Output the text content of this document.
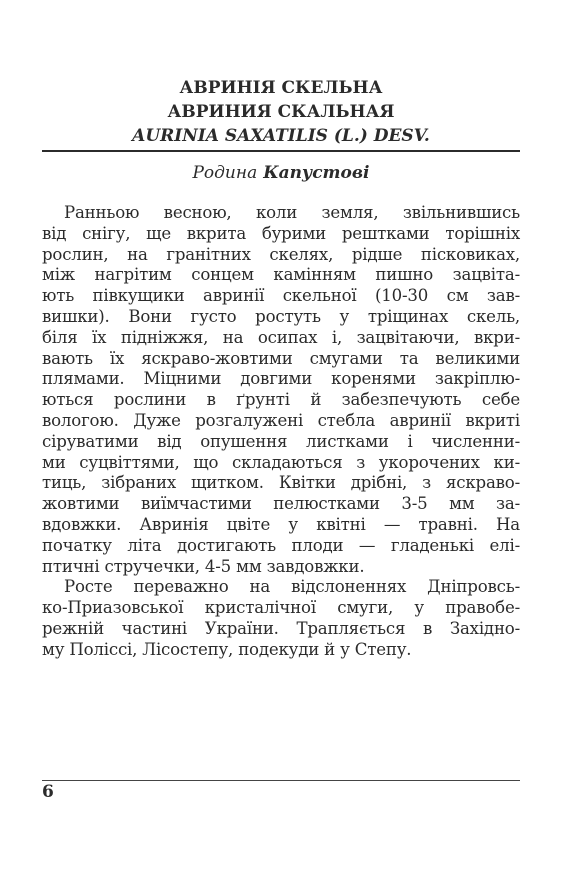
АВРИНІЯ СКЕЛЬНА
АВРИНИЯ СКАЛЬНАЯ
AURINIA SAXATILIS (L.) DESV.
Родина Капустові
Ранньою весною, коли земля, звільнившись
від снігу, ще вкрита бурими рештками торішніх
рослин, на гранітних скелях, рідше пісковиках,
між нагрітим сонцем камінням пишно зацвіта-
ють півкущики авринії скельної (10-30 см зав-
вишки). Вони густо ростуть у тріщинах скель,
біля їх підніжжя, на осипах і, зацвітаючи, вкри-
вають їх яскраво-жовтими смугами та великими
плямами. Міцними довгими коренями закріплю-
ються рослини в ґрунті й забезпечують себе
вологою. Дуже розгалужені стебла авринії вкриті
сіруватими від опушення листками і численни-
ми суцвіттями, що складаються з укорочених ки-
тиць, зібраних щитком. Квітки дрібні, з яскраво-
жовтими виїмчастими пелюстками 3-5 мм за-
вдовжки. Авринія цвіте у квітні — травні. На
початку літа достигають плоди — гладенькі елі-
птичні стручечки, 4-5 мм завдовжки.
Росте переважно на відслоненнях Дніпровсь-
ко-Приазовської кристалічної смуги, у правобе-
режній частині України. Трапляється в Західно-
му Поліссі, Лісостепу, подекуди й у Степу.
6
